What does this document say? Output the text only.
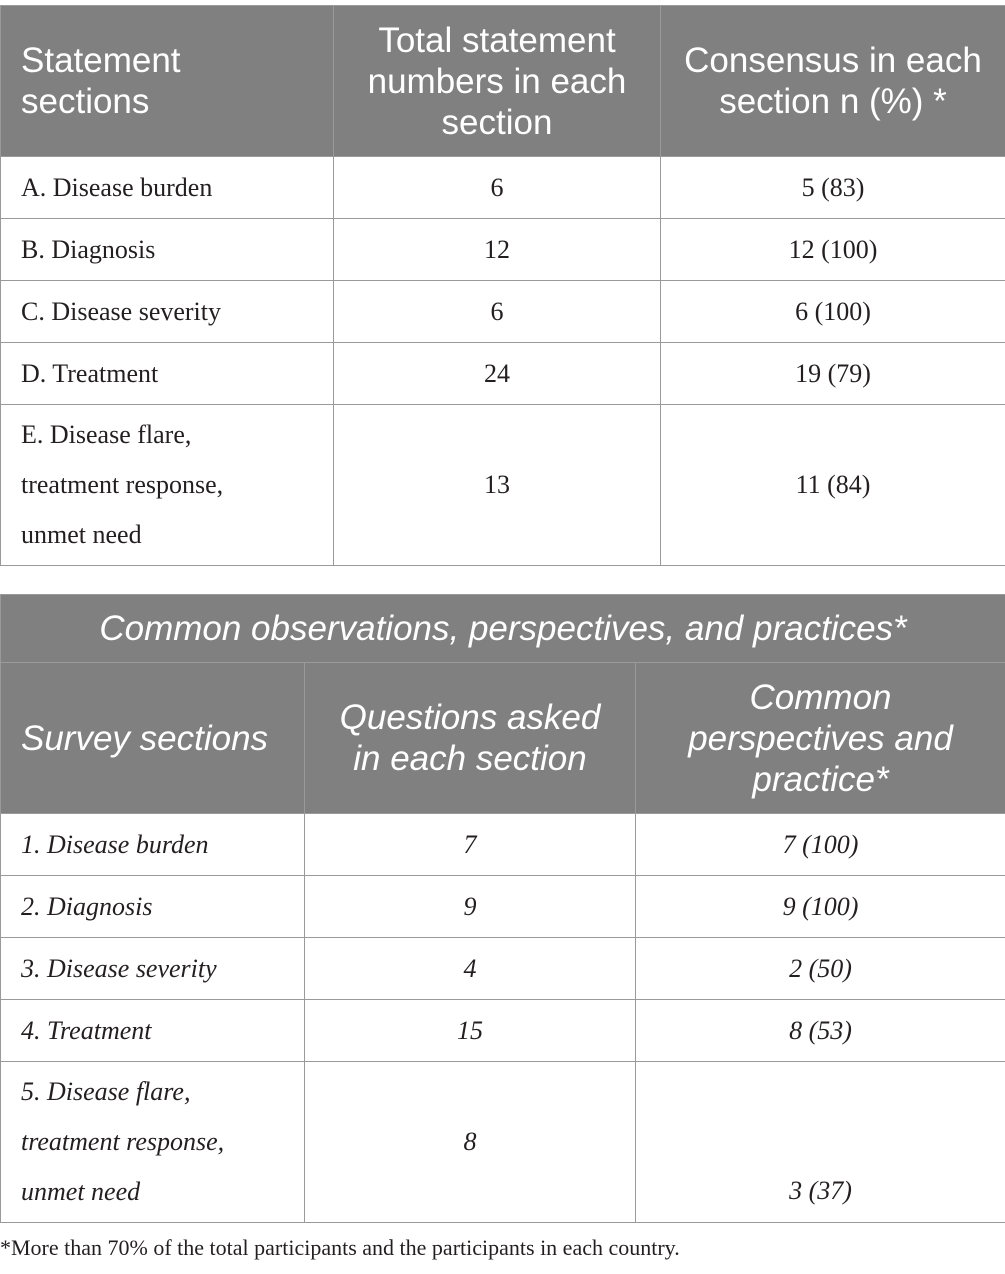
Statement sections	Total statement numbers in each section	Consensus in each section n (%) *
A. Disease burden	6	5 (83)
B. Diagnosis	12	12 (100)
C. Disease severity	6	6 (100)
D. Treatment	24	19 (79)
E. Disease flare, treatment response, unmet need	13	11 (84)
Common observations, perspectives, and practices*		
Survey sections	Questions asked in each section	Common perspectives and practice*
1. Disease burden	7	7 (100)
2. Diagnosis	9	9 (100)
3. Disease severity	4	2 (50)
4. Treatment	15	8 (53)
5. Disease flare, treatment response, unmet need	8	3 (37)
*More than 70% of the total participants and the participants in each country.
